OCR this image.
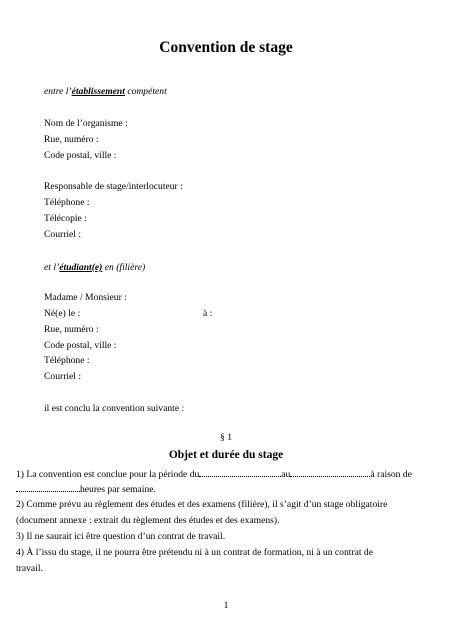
Convention de stage
entre l’établissement compétent
Nom de l’organisme :
Rue, numéro :
Code postal, ville :
Responsable de stage/interlocuteur :
Téléphone :
Télécopie :
Courriel :
et l’étudiant(e) en (filière)
Madame / Monsieur :
Né(e) le :	à :
Rue, numéro :
Code postal, ville :
Téléphone :
Courriel :
il est conclu la convention suivante :
§ 1
Objet et durée du stage
1) La convention est conclue pour la période du	au	à raison de
heures par semaine.
2) Comme prévu au règlement des études et des examens (filière), il s’agit d’un stage obligatoire
(document annexe : extrait du règlement des études et des examens).
3) Il ne saurait ici être question d’un contrat de travail.
4) À l’issu du stage, il ne pourra être prétendu ni à un contrat de formation, ni à un contrat de
travail.
1
